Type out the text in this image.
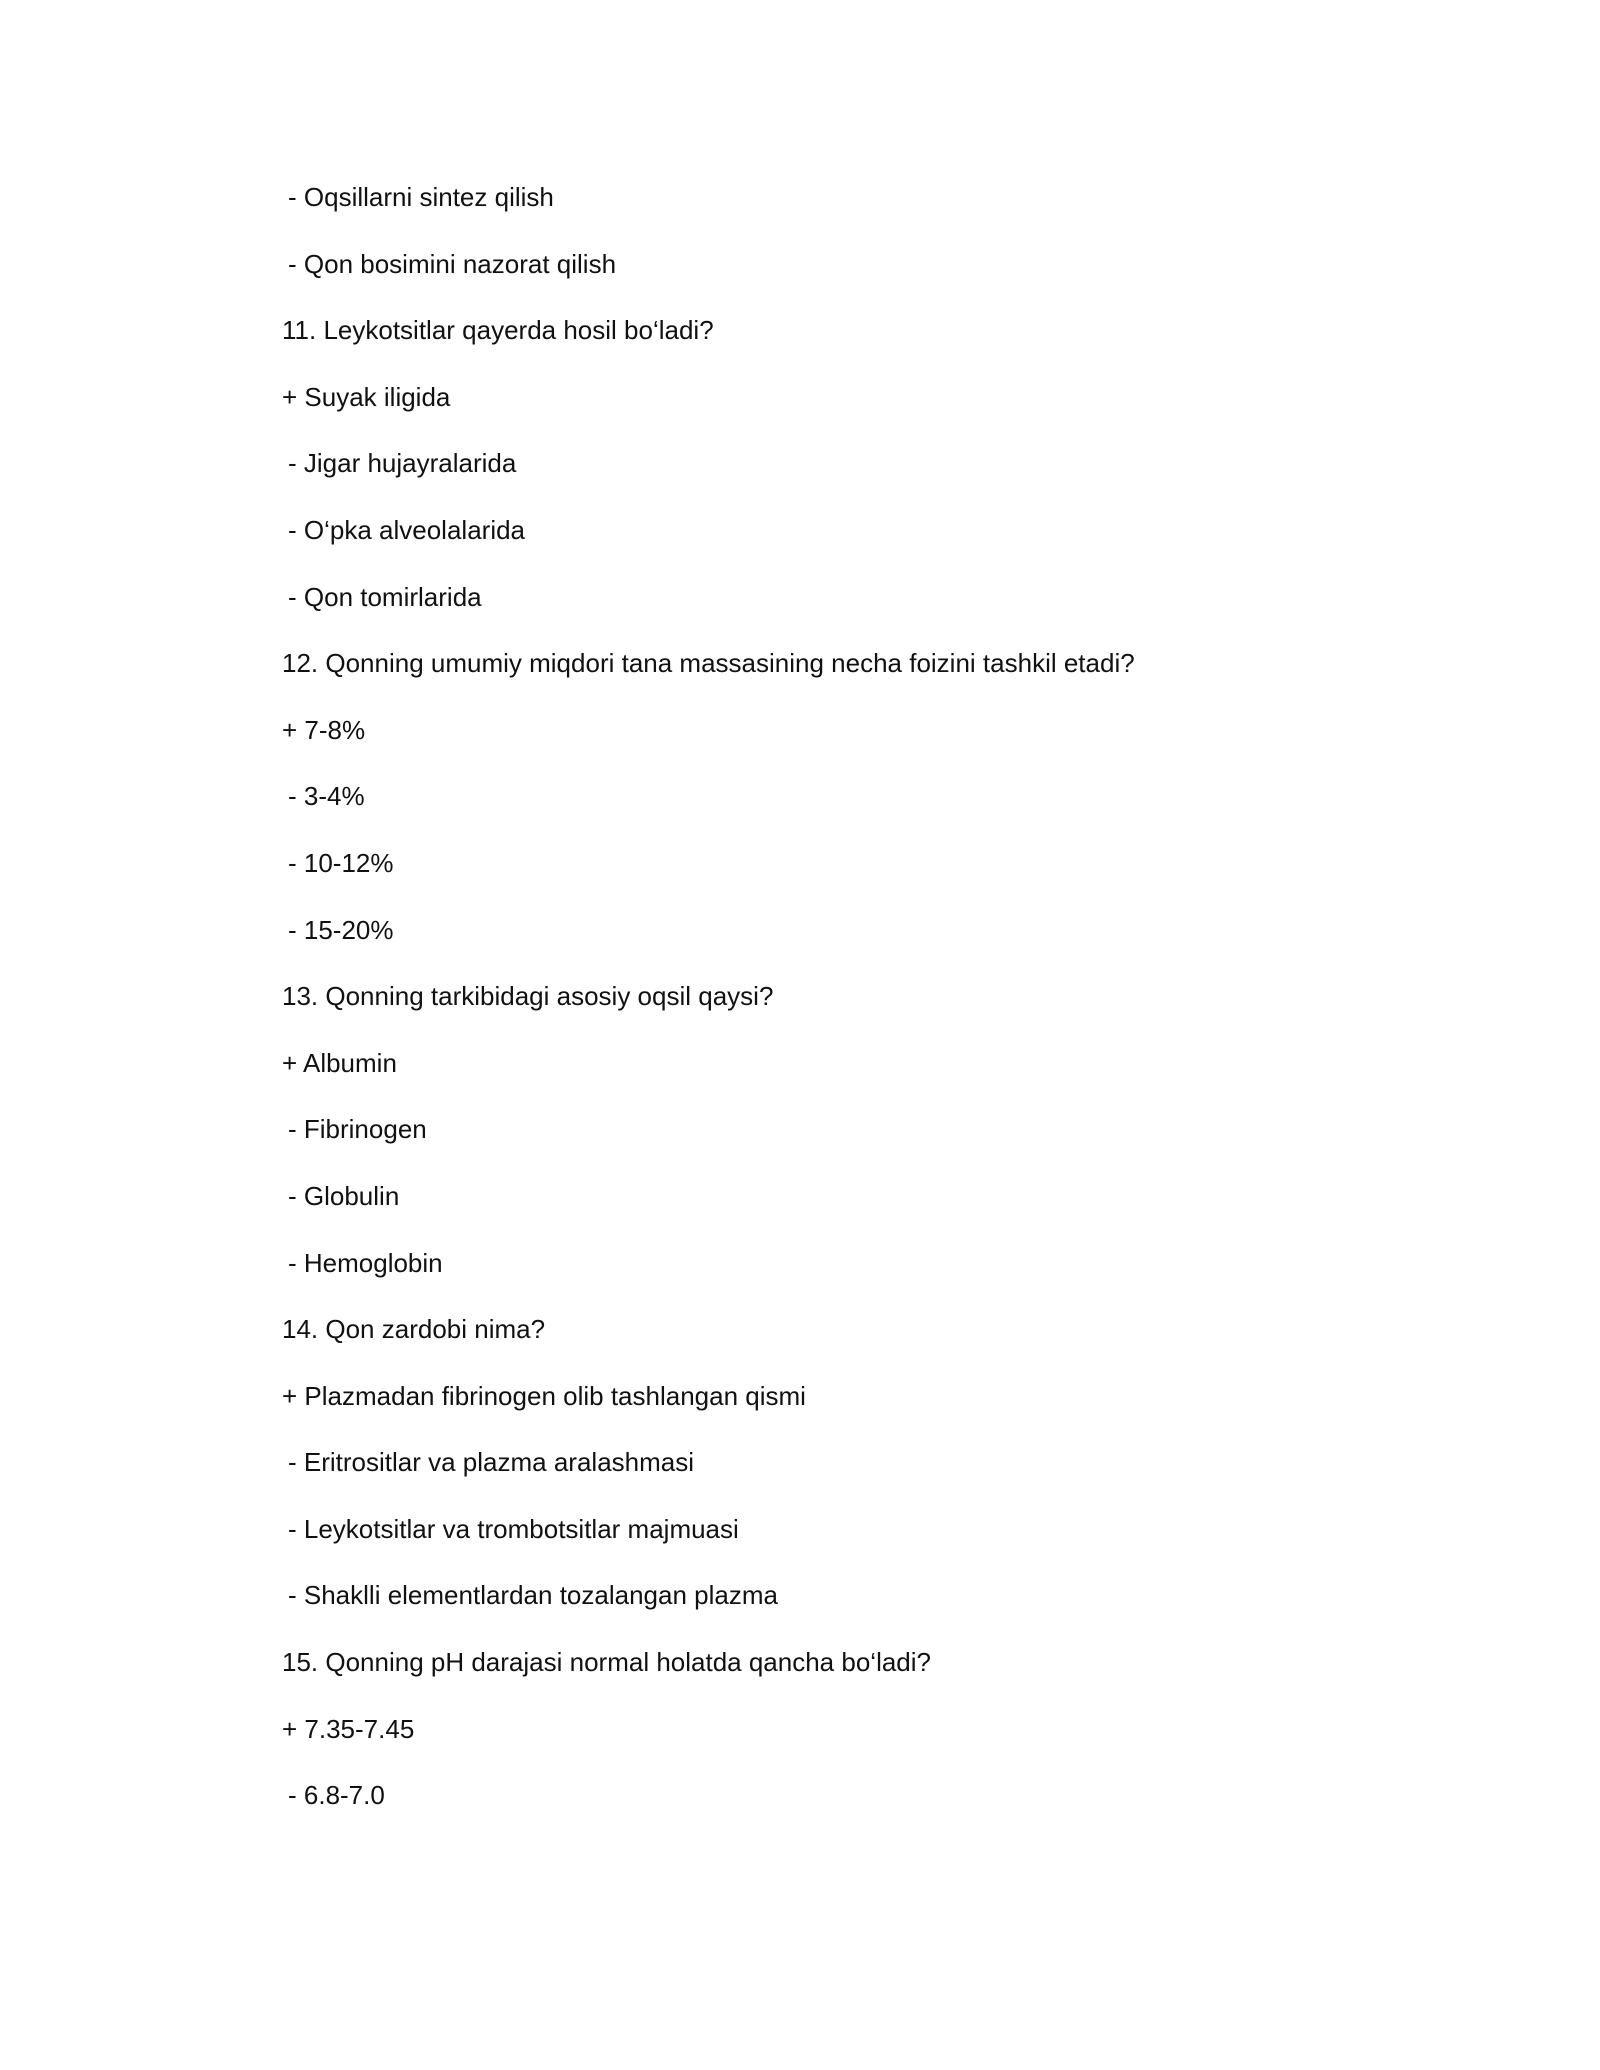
- Oqsillarni sintez qilish
- Qon bosimini nazorat qilish
11. Leykotsitlar qayerda hosil bo‘ladi?
+ Suyak iligida
- Jigar hujayralarida
- O‘pka alveolalarida
- Qon tomirlarida
12. Qonning umumiy miqdori tana massasining necha foizini tashkil etadi?
+ 7-8%
- 3-4%
- 10-12%
- 15-20%
13. Qonning tarkibidagi asosiy oqsil qaysi?
+ Albumin
- Fibrinogen
- Globulin
- Hemoglobin
14. Qon zardobi nima?
+ Plazmadan fibrinogen olib tashlangan qismi
- Eritrositlar va plazma aralashmasi
- Leykotsitlar va trombotsitlar majmuasi
- Shaklli elementlardan tozalangan plazma
15. Qonning pH darajasi normal holatda qancha bo‘ladi?
+ 7.35-7.45
- 6.8-7.0
